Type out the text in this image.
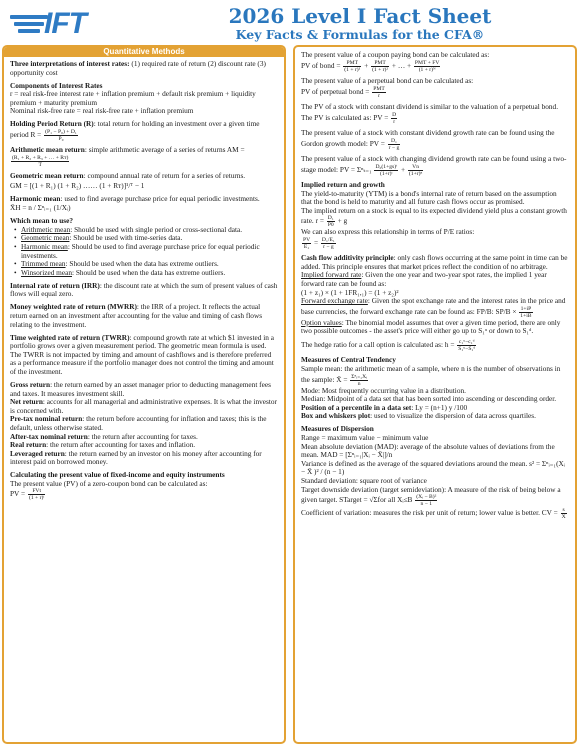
IFT	2026 Level I Fact Sheet
Key Facts & Formulas for the CFA®
Quantitative Methods
Three interpretations of interest rates: (1) required rate of return (2) discount rate (3) opportunity cost
Components of Interest Rates
r = real risk-free interest rate + inflation premium + default risk premium + liquidity premium + maturity premium
Nominal risk-free rate = real risk-free rate + inflation premium
Holding Period Return (R): total return for holding an investment over a given time period $R = \frac{\text{(P₁ − P₀) + D₁}}{\text{P₀}}$
Arithmetic mean return: simple arithmetic average of a series of returns AM =
$\frac{\text{(R₁ + R₂ + R₃ + … + Rт)}}{T}$
Geometric mean return: compound annual rate of return for a series of returns.
GM = [(1 + R₁) (1 + R₂) …… (1 + Rт)]¹/ᵀ − 1
Harmonic mean: used to find average purchase price for equal periodic investments.
X̄H = n / Σⁿᵢ₌₁ (1/Xᵢ)
Which mean to use?
• Arithmetic mean: Should be used with single period or cross-sectional data.
• Geometric mean: Should be used with time-series data.
• Harmonic mean: Should be used to find average purchase price for equal periodic investments.
• Trimmed mean: Should be used when the data has extreme outliers.
• Winsorized mean: Should be used when the data has extreme outliers.
Internal rate of return (IRR): the discount rate at which the sum of present values of cash flows will equal zero.
Money weighted rate of return (MWRR): the IRR of a project. It reflects the actual return earned on an investment after accounting for the value and timing of cash flows relating to the investment.
Time weighted rate of return (TWRR): compound growth rate at which $1 invested in a portfolio grows over a given measurement period. The geometric mean formula is used. The TWRR is not impacted by timing and amount of cashflows and is therefore preferred as a performance measure if the portfolio manager does not control the timing and amount of the investment.
Gross return: the return earned by an asset manager prior to deducting management fees and taxes. It measures investment skill.
Net return: accounts for all managerial and administrative expenses. It is what the investor is concerned with.
Pre-tax nominal return: the return before accounting for inflation and taxes; this is the default, unless otherwise stated.
After-tax nominal return: the return after accounting for taxes.
Real return: the return after accounting for taxes and inflation.
Leveraged return: the return earned by an investor on his money after accounting for interest paid on borrowed money.
Calculating the present value of fixed-income and equity instruments
The present value (PV) of a zero-coupon bond can be calculated as:
PV = $\frac{\text{FVt}}{\text{(1 + r)ᵗ}}$
The present value of a coupon paying bond can be calculated as:
PV of bond = $\frac{\text{PMT}}{\text{(1 + r)¹}} + \frac{\text{PMT}}{\text{(1 + r)²}}$ + … + $\frac{\text{PMT + FV}}{\text{(1 + r)ᴺ}}$
The present value of a perpetual bond can be calculated as:
PV of perpetual bond = $\frac{\text{PMT}}{r}$
The PV of a stock with constant dividend is similar to the valuation of a perpetual bond. The PV is calculated as: PV = $\frac{D}{r}$
The present value of a stock with constant dividend growth rate can be found using the Gordon growth model: PV = $\frac{\text{D₁}}{r - g}$
The present value of a stock with changing dividend growth rate can be found using a two-stage model: PV = $\Sigma^n_{t=1} \frac{\text{D₀(1+gs)ᵗ}}{\text{(1+r)ᵗ}} + \frac{Vn}{\text{(1+r)ⁿ}}$
Implied return and growth
The yield-to-maturity (YTM) is a bond's internal rate of return based on the assumption that the bond is held to maturity and all future cash flows occur as promised.
The implied return on a stock is equal to its expected dividend yield plus a constant growth rate. $r = \frac{\text{D₁}}{P0} + g$
We can also express this relationship in terms of P/E ratios:
$\frac{PV}{\text{E₁}} = \frac{\text{D₁/E₁}}{r - g}$
Cash flow additivity principle: only cash flows occurring at the same point in time can be added. This principle ensures that market prices reflect the condition of no arbitrage.
Implied forward rate: Given the one year and two-year spot rates, the implied 1 year forward rate can be found as:
(1 + z₁) × (1 + 1FR₁,₁) = (1 + z₂)²
Forward exchange rate: Given the spot exchange rate and the interest rates in the price and base currencies, the forward exchange rate can be found as: FP/B: $SP/B \times \frac{1+iP}{1+iB}$
Option values: The binomial model assumes that over a given time period, there are only two possible outcomes - the asset's price will either go up to S₁ᵘ or down to S₁ᵈ.
The hedge ratio for a call option is calculated as: $h = \frac{\text{c₁ᵘ−c₁ᵈ}}{\text{S₁ᵘ−S₁ᵈ}}$
Measures of Central Tendency
Sample mean: the arithmetic mean of a sample, where n is the number of observations in the sample: X̄ = $\frac{\text{Σⁿᵢ₌₁Xᵢ}}{n}$
Mode: Most frequently occurring value in a distribution.
Median: Midpoint of a data set that has been sorted into ascending or descending order.
Position of a percentile in a data set: Ly = (n+1) y /100
Box and whiskers plot: used to visualize the dispersion of data across quartiles.
Measures of Dispersion
Range = maximum value − minimum value
Mean absolute deviation (MAD): average of the absolute values of deviations from the mean. MAD = [Σⁿᵢ₌₁|Xᵢ − X̄|]/n
Variance is defined as the average of the squared deviations around the mean. s² = Σⁿᵢ₌₁(Xᵢ − X̄ )² / (n − 1)
Standard deviation: square root of variance
Target downside deviation (target semideviation): A measure of the risk of being below a given target. STarget = √Σfor all Xᵢ≤B $\frac{\text{(Xᵢ − B)²}}{n - 1}$
Coefficient of variation: measures the risk per unit of return; lower value is better. CV = $\frac{s}{X̄}$
